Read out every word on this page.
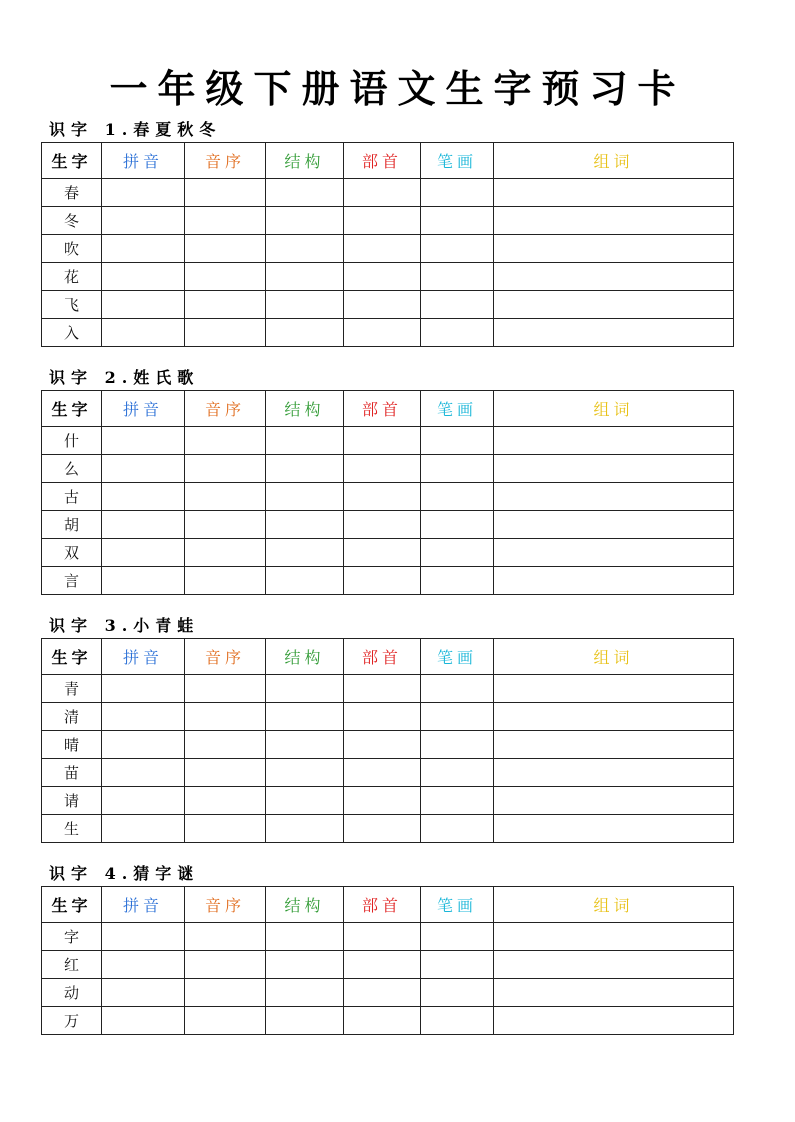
一年级下册语文生字预习卡
识字 1.春夏秋冬
生字	拼音	音序	结构	部首	笔画	组词
春						
冬						
吹						
花						
飞						
入						
识字 2.姓氏歌
生字	拼音	音序	结构	部首	笔画	组词
什						
么						
古						
胡						
双						
言						
识字 3.小青蛙
生字	拼音	音序	结构	部首	笔画	组词
青						
清						
晴						
苗						
请						
生						
识字 4.猜字谜
生字	拼音	音序	结构	部首	笔画	组词
字						
红						
动						
万						
